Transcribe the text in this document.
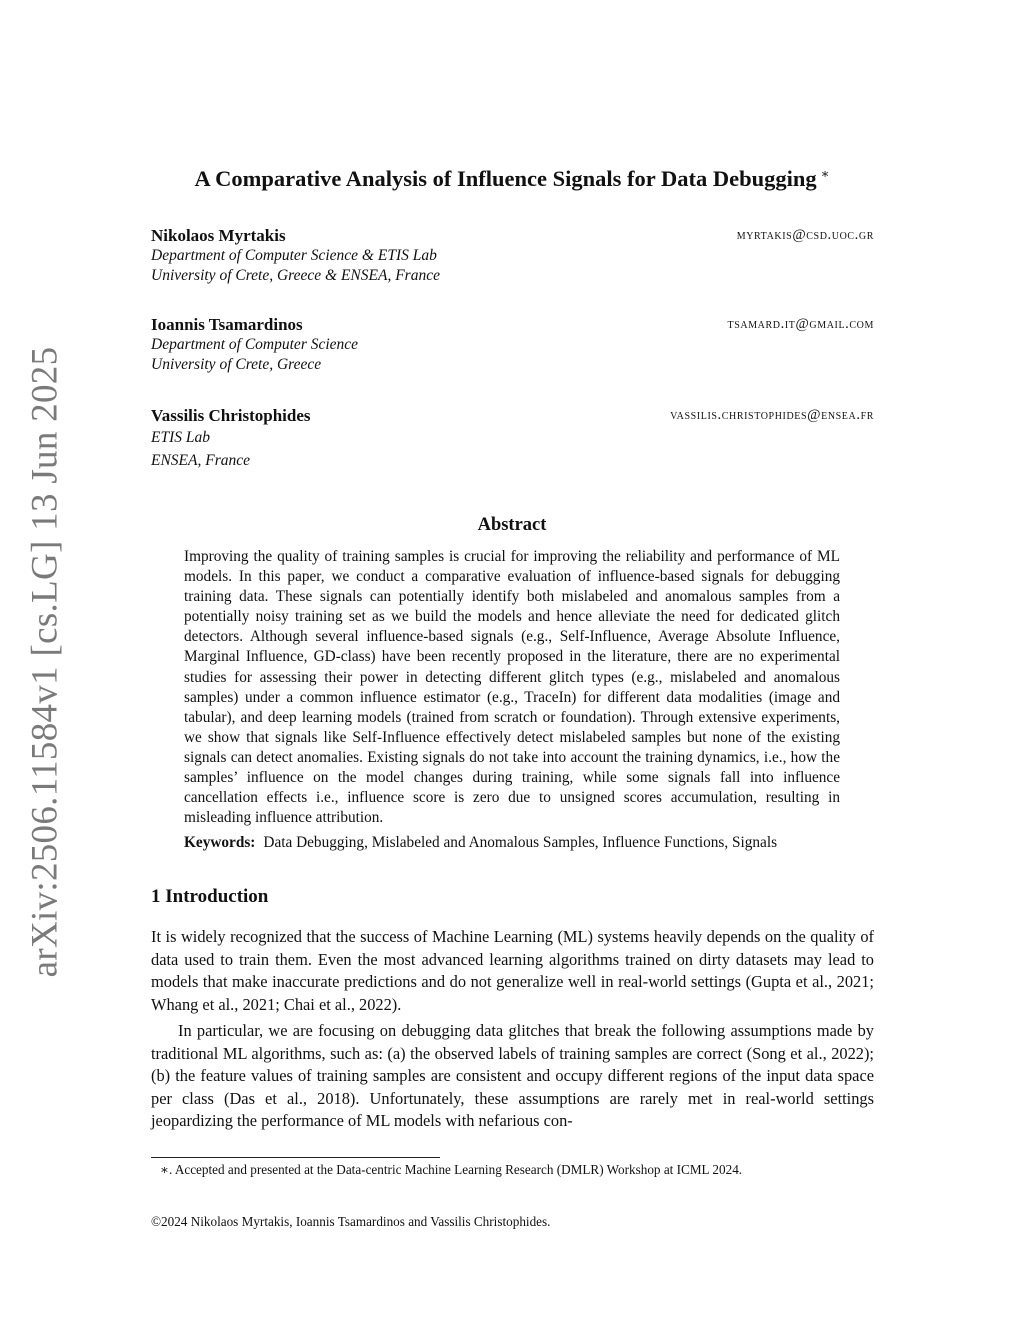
arXiv:2506.11584v1 [cs.LG] 13 Jun 2025
A Comparative Analysis of Influence Signals for Data Debugging ∗
Nikolaos Myrtakis	myrtakis@csd.uoc.gr
Department of Computer Science & ETIS Lab
University of Crete, Greece & ENSEA, France
Ioannis Tsamardinos	tsamard.it@gmail.com
Department of Computer Science
University of Crete, Greece
Vassilis Christophides	vassilis.christophides@ensea.fr
ETIS Lab
ENSEA, France
Abstract
Improving the quality of training samples is crucial for improving the reliability and performance of ML models. In this paper, we conduct a comparative evaluation of influence-based signals for debugging training data. These signals can potentially identify both mislabeled and anomalous samples from a potentially noisy training set as we build the models and hence alleviate the need for dedicated glitch detectors. Although several influence-based signals (e.g., Self-Influence, Average Absolute Influence, Marginal Influence, GD-class) have been recently proposed in the literature, there are no experimental studies for assessing their power in detecting different glitch types (e.g., mislabeled and anomalous samples) under a common influence estimator (e.g., TraceIn) for different data modalities (image and tabular), and deep learning models (trained from scratch or foundation). Through extensive experiments, we show that signals like Self-Influence effectively detect mislabeled samples but none of the existing signals can detect anomalies. Existing signals do not take into account the training dynamics, i.e., how the samples’ influence on the model changes during training, while some signals fall into influence cancellation effects i.e., influence score is zero due to unsigned scores accumulation, resulting in misleading influence attribution.
Keywords: Data Debugging, Mislabeled and Anomalous Samples, Influence Functions, Signals
1 Introduction
It is widely recognized that the success of Machine Learning (ML) systems heavily depends on the quality of data used to train them. Even the most advanced learning algorithms trained on dirty datasets may lead to models that make inaccurate predictions and do not generalize well in real-world settings (Gupta et al., 2021; Whang et al., 2021; Chai et al., 2022).
In particular, we are focusing on debugging data glitches that break the following assumptions made by traditional ML algorithms, such as: (a) the observed labels of training samples are correct (Song et al., 2022); (b) the feature values of training samples are consistent and occupy different regions of the input data space per class (Das et al., 2018). Unfortunately, these assumptions are rarely met in real-world settings jeopardizing the performance of ML models with nefarious con-
∗. Accepted and presented at the Data-centric Machine Learning Research (DMLR) Workshop at ICML 2024.
©2024 Nikolaos Myrtakis, Ioannis Tsamardinos and Vassilis Christophides.
